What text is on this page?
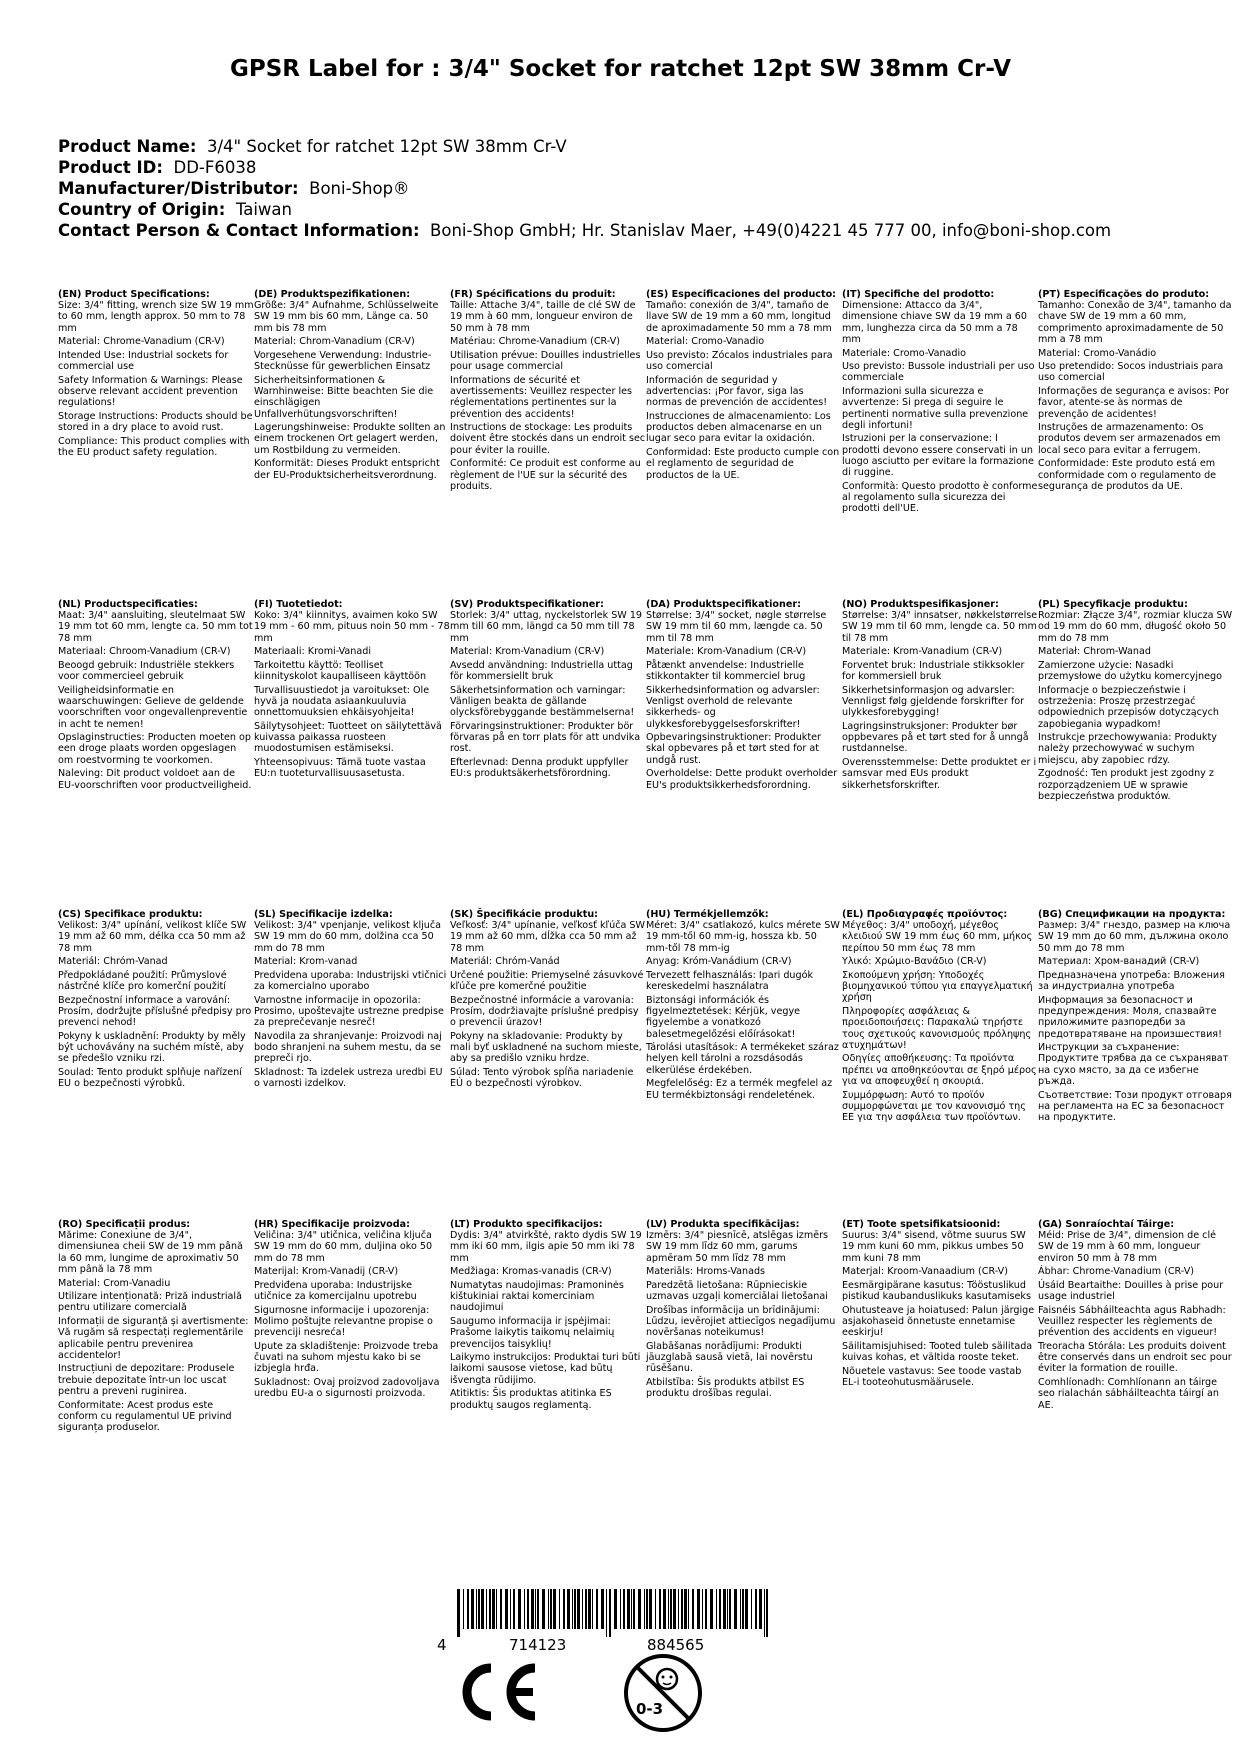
GPSR Label for : 3/4" Socket for ratchet 12pt SW 38mm Cr-V
Product Name: 3/4" Socket for ratchet 12pt SW 38mm Cr-V
Product ID: DD-F6038
Manufacturer/Distributor: Boni-Shop®
Country of Origin: Taiwan
Contact Person & Contact Information: Boni-Shop GmbH; Hr. Stanislav Maer, +49(0)4221 45 777 00, info@boni-shop.com
(EN) Product Specifications:

Size: 3/4" fitting, wrench size SW 19 mm to 60 mm, length approx. 50 mm to 78 mm

Material: Chrome-Vanadium (CR-V)

Intended Use: Industrial sockets for commercial use

Safety Information & Warnings: Please observe relevant accident prevention regulations!

Storage Instructions: Products should be stored in a dry place to avoid rust.

Compliance: This product complies with the EU product safety regulation.

(DE) Produktspezifikationen:

Größe: 3/4" Aufnahme, Schlüsselweite SW 19 mm bis 60 mm, Länge ca. 50 mm bis 78 mm

Material: Chrom-Vanadium (CR-V)

Vorgesehene Verwendung: Industrie-Stecknüsse für gewerblichen Einsatz

Sicherheitsinformationen & Warnhinweise: Bitte beachten Sie die einschlägigen Unfallverhütungsvorschriften!

Lagerungshinweise: Produkte sollten an einem trockenen Ort gelagert werden, um Rostbildung zu vermeiden.

Konformität: Dieses Produkt entspricht der EU-Produktsicherheitsverordnung.

(FR) Spécifications du produit:

Taille: Attache 3/4", taille de clé SW de 19 mm à 60 mm, longueur environ de 50 mm à 78 mm

Matériau: Chrome-Vanadium (CR-V)

Utilisation prévue: Douilles industrielles pour usage commercial

Informations de sécurité et avertissements: Veuillez respecter les réglementations pertinentes sur la prévention des accidents!

Instructions de stockage: Les produits doivent être stockés dans un endroit sec pour éviter la rouille.

Conformité: Ce produit est conforme au règlement de l'UE sur la sécurité des produits.

(ES) Especificaciones del producto:

Tamaño: conexión de 3/4", tamaño de llave SW de 19 mm a 60 mm, longitud de aproximadamente 50 mm a 78 mm

Material: Cromo-Vanadio

Uso previsto: Zócalos industriales para uso comercial

Información de seguridad y advertencias: ¡Por favor, siga las normas de prevención de accidentes!

Instrucciones de almacenamiento: Los productos deben almacenarse en un lugar seco para evitar la oxidación.

Conformidad: Este producto cumple con el reglamento de seguridad de productos de la UE.

(IT) Specifiche del prodotto:

Dimensione: Attacco da 3/4", dimensione chiave SW da 19 mm a 60 mm, lunghezza circa da 50 mm a 78 mm

Materiale: Cromo-Vanadio

Uso previsto: Bussole industriali per uso commerciale

Informazioni sulla sicurezza e avvertenze: Si prega di seguire le pertinenti normative sulla prevenzione degli infortuni!

Istruzioni per la conservazione: I prodotti devono essere conservati in un luogo asciutto per evitare la formazione di ruggine.

Conformità: Questo prodotto è conforme al regolamento sulla sicurezza dei prodotti dell'UE.

(PT) Especificações do produto:

Tamanho: Conexão de 3/4", tamanho da chave SW de 19 mm a 60 mm, comprimento aproximadamente de 50 mm a 78 mm

Material: Cromo-Vanádio

Uso pretendido: Socos industriais para uso comercial

Informações de segurança e avisos: Por favor, atente-se às normas de prevenção de acidentes!

Instruções de armazenamento: Os produtos devem ser armazenados em local seco para evitar a ferrugem.

Conformidade: Este produto está em conformidade com o regulamento de segurança de produtos da UE.

(NL) Productspecificaties:

Maat: 3/4" aansluiting, sleutelmaat SW 19 mm tot 60 mm, lengte ca. 50 mm tot 78 mm

Materiaal: Chroom-Vanadium (CR-V)

Beoogd gebruik: Industriële stekkers voor commercieel gebruik

Veiligheidsinformatie en waarschuwingen: Gelieve de geldende voorschriften voor ongevallenpreventie in acht te nemen!

Opslaginstructies: Producten moeten op een droge plaats worden opgeslagen om roestvorming te voorkomen.

Naleving: Dit product voldoet aan de EU-voorschriften voor productveiligheid.

(FI) Tuotetiedot:

Koko: 3/4" kiinnitys, avaimen koko SW 19 mm - 60 mm, pituus noin 50 mm - 78 mm

Materiaali: Kromi-Vanadi

Tarkoitettu käyttö: Teolliset kiinnityskolot kaupalliseen käyttöön

Turvallisuustiedot ja varoitukset: Ole hyvä ja noudata asiaankuuluvia onnettomuuksien ehkäisyohjeita!

Säilytysohjeet: Tuotteet on säilytettävä kuivassa paikassa ruosteen muodostumisen estämiseksi.

Yhteensopivuus: Tämä tuote vastaa EU:n tuoteturvallisuusasetusta.

(SV) Produktspecifikationer:

Storlek: 3/4" uttag, nyckelstorlek SW 19 mm till 60 mm, längd ca 50 mm till 78 mm

Material: Krom-Vanadium (CR-V)

Avsedd användning: Industriella uttag för kommersiellt bruk

Säkerhetsinformation och varningar: Vänligen beakta de gällande olycksförebyggande bestämmelserna!

Förvaringsinstruktioner: Produkter bör förvaras på en torr plats för att undvika rost.

Efterlevnad: Denna produkt uppfyller EU:s produktsäkerhetsförordning.

(DA) Produktspecifikationer:

Størrelse: 3/4" socket, nøgle størrelse SW 19 mm til 60 mm, længde ca. 50 mm til 78 mm

Materiale: Krom-Vanadium (CR-V)

Påtænkt anvendelse: Industrielle stikkontakter til kommerciel brug

Sikkerhedsinformation og advarsler: Venligst overhold de relevante sikkerheds- og ulykkesforebyggelsesforskrifter!

Opbevaringsinstruktioner: Produkter skal opbevares på et tørt sted for at undgå rust.

Overholdelse: Dette produkt overholder EU's produktsikkerhedsforordning.

(NO) Produktspesifikasjoner:

Størrelse: 3/4" innsatser, nøkkelstørrelse SW 19 mm til 60 mm, lengde ca. 50 mm til 78 mm

Materiale: Krom-Vanadium (CR-V)

Forventet bruk: Industriale stikksokler for kommersiell bruk

Sikkerhetsinformasjon og advarsler: Vennligst følg gjeldende forskrifter for ulykkesforebygging!

Lagringsinstruksjoner: Produkter bør oppbevares på et tørt sted for å unngå rustdannelse.

Overensstemmelse: Dette produktet er i samsvar med EUs produkt sikkerhetsforskrifter.

(PL) Specyfikacje produktu:

Rozmiar: Złącze 3/4", rozmiar klucza SW od 19 mm do 60 mm, długość około 50 mm do 78 mm

Materiał: Chrom-Wanad

Zamierzone użycie: Nasadki przemysłowe do użytku komercyjnego

Informacje o bezpieczeństwie i ostrzeżenia: Proszę przestrzegać odpowiednich przepisów dotyczących zapobiegania wypadkom!

Instrukcje przechowywania: Produkty należy przechowywać w suchym miejscu, aby zapobiec rdzy.

Zgodność: Ten produkt jest zgodny z rozporządzeniem UE w sprawie bezpieczeństwa produktów.

(CS) Specifikace produktu:

Velikost: 3/4" upínání, velikost klíče SW 19 mm až 60 mm, délka cca 50 mm až 78 mm

Materiál: Chróm-Vanad

Předpokládané použití: Průmyslové nástrčné klíče pro komerční použití

Bezpečnostní informace a varování: Prosím, dodržujte příslušné předpisy pro prevenci nehod!

Pokyny k uskladnění: Produkty by měly být uchovávány na suchém místě, aby se předešlo vzniku rzi.

Soulad: Tento produkt splňuje nařízení EU o bezpečnosti výrobků.

(SL) Specifikacije izdelka:

Velikost: 3/4" vpenjanje, velikost ključa SW 19 mm do 60 mm, dolžina cca 50 mm do 78 mm

Material: Krom-vanad

Predvidena uporaba: Industrijski vtičnici za komercialno uporabo

Varnostne informacije in opozorila: Prosimo, upoštevajte ustrezne predpise za preprečevanje nesreč!

Navodila za shranjevanje: Proizvodi naj bodo shranjeni na suhem mestu, da se prepreči rjo.

Skladnost: Ta izdelek ustreza uredbi EU o varnosti izdelkov.

(SK) Špecifikácie produktu:

Veľkosť: 3/4" upínanie, veľkosť kľúča SW 19 mm až 60 mm, dĺžka cca 50 mm až 78 mm

Materiál: Chróm-Vanád

Určené použitie: Priemyselné zásuvkové kľúče pre komerčné použitie

Bezpečnostné informácie a varovania: Prosím, dodržiavajte príslušné predpisy o prevencii úrazov!

Pokyny na skladovanie: Produkty by mali byť uskladnené na suchom mieste, aby sa predišlo vzniku hrdze.

Súlad: Tento výrobok spĺňa nariadenie EÚ o bezpečnosti výrobkov.

(HU) Termékjellemzők:

Méret: 3/4" csatlakozó, kulcs mérete SW 19 mm-től 60 mm-ig, hossza kb. 50 mm-től 78 mm-ig

Anyag: Króm-Vanádium (CR-V)

Tervezett felhasználás: Ipari dugók kereskedelmi használatra

Biztonsági információk és figyelmeztetések: Kérjük, vegye figyelembe a vonatkozó balesetmegelőzési előírásokat!

Tárolási utasítások: A termékeket száraz helyen kell tárolni a rozsdásodás elkerülése érdekében.

Megfelelőség: Ez a termék megfelel az EU termékbiztonsági rendeletének.

(EL) Προδιαγραφές προϊόντος:

Μέγεθος: 3/4" υποδοχή, μέγεθος κλειδιού SW 19 mm έως 60 mm, μήκος περίπου 50 mm έως 78 mm

Υλικό: Χρώμιο-Βανάδιο (CR-V)

Σκοπούμενη χρήση: Υποδοχές βιομηχανικού τύπου για επαγγελματική χρήση

Πληροφορίες ασφάλειας & προειδοποιήσεις: Παρακαλώ τηρήστε τους σχετικούς κανονισμούς πρόληψης ατυχημάτων!

Οδηγίες αποθήκευσης: Τα προϊόντα πρέπει να αποθηκεύονται σε ξηρό μέρος για να αποφευχθεί η σκουριά.

Συμμόρφωση: Αυτό το προϊόν συμμορφώνεται με τον κανονισμό της ΕΕ για την ασφάλεια των προϊόντων.

(BG) Спецификации на продукта:

Размер: 3/4" гнездо, размер на ключа SW 19 mm до 60 mm, дължина около 50 mm до 78 mm

Материал: Хром-ванадий (CR-V)

Предназначена употреба: Вложения за индустриална употреба

Информация за безопасност и предупреждения: Моля, спазвайте приложимите разпоредби за предотвратяване на произшествия!

Инструкции за съхранение: Продуктите трябва да се съхраняват на сухо място, за да се избегне ръжда.

Съответствие: Този продукт отговаря на регламента на ЕС за безопасност на продуктите.

(RO) Specificații produs:

Mărime: Conexiune de 3/4", dimensiunea cheii SW de 19 mm până la 60 mm, lungime de aproximativ 50 mm până la 78 mm

Material: Crom-Vanadiu

Utilizare intenționată: Priză industrială pentru utilizare comercială

Informații de siguranță și avertismente: Vă rugăm să respectați reglementările aplicabile pentru prevenirea accidentelor!

Instrucțiuni de depozitare: Produsele trebuie depozitate într-un loc uscat pentru a preveni ruginirea.

Conformitate: Acest produs este conform cu regulamentul UE privind siguranța produselor.

(HR) Specifikacije proizvoda:

Veličina: 3/4" utičnica, veličina ključa SW 19 mm do 60 mm, duljina oko 50 mm do 78 mm

Materijal: Krom-Vanadij (CR-V)

Predviđena uporaba: Industrijske utičnice za komercijalnu upotrebu

Sigurnosne informacije i upozorenja: Molimo poštujte relevantne propise o prevenciji nesreća!

Upute za skladištenje: Proizvode treba čuvati na suhom mjestu kako bi se izbjegla hrđa.

Sukladnost: Ovaj proizvod zadovoljava uredbu EU-a o sigurnosti proizvoda.

(LT) Produkto specifikacijos:

Dydis: 3/4" atvirkštė, rakto dydis SW 19 mm iki 60 mm, ilgis apie 50 mm iki 78 mm

Medžiaga: Kromas-vanadis (CR-V)

Numatytas naudojimas: Pramoninės kištukiniai raktai komerciniam naudojimui

Saugumo informacija ir įspėjimai: Prašome laikytis taikomų nelaimių prevencijos taisyklių!

Laikymo instrukcijos: Produktai turi būti laikomi sausose vietose, kad būtų išvengta rūdijimo.

Atitiktis: Šis produktas atitinka ES produktų saugos reglamentą.

(LV) Produkta specifikācijas:

Izmērs: 3/4" piesnīcē, atslēgas izmērs SW 19 mm līdz 60 mm, garums apmēram 50 mm līdz 78 mm

Materiāls: Hroms-Vanads

Paredzētā lietošana: Rūpnieciskie uzmavas uzgaļi komerciālai lietošanai

Drošības informācija un brīdinājumi: Lūdzu, ievērojiet attiecīgos negadījumu novēršanas noteikumus!

Glabāšanas norādījumi: Produkti jāuzglabā sausā vietā, lai novērstu rūsēšanu.

Atbilstība: Šis produkts atbilst ES produktu drošības regulai.

(ET) Toote spetsifikatsioonid:

Suurus: 3/4" sisend, võtme suurus SW 19 mm kuni 60 mm, pikkus umbes 50 mm kuni 78 mm

Materjal: Kroom-Vanaadium (CR-V)

Eesmärgipärane kasutus: Tööstuslikud pistikud kaubanduslikuks kasutamiseks

Ohutusteave ja hoiatused: Palun järgige asjakohaseid õnnetuste ennetamise eeskirju!

Säilitamisjuhised: Tooted tuleb säilitada kuivas kohas, et vältida rooste teket.

Nõuetele vastavus: See toode vastab EL-i tooteohutusmäärusele.

(GA) Sonraíochtaí Táirge:

Méid: Prise de 3/4", dimension de clé SW de 19 mm à 60 mm, longueur environ 50 mm à 78 mm

Ábhar: Chrome-Vanadium (CR-V)

Úsáid Beartaithe: Douilles à prise pour usage industriel

Faisnéis Sábháilteachta agus Rabhadh: Veuillez respecter les règlements de prévention des accidents en vigueur!

Treoracha Stórála: Les produits doivent être conservés dans un endroit sec pour éviter la formation de rouille.

Comhlíonadh: Comhlíonann an táirge seo rialachán sábháilteachta táirgí an AE.

4	714123	884565
0-3
